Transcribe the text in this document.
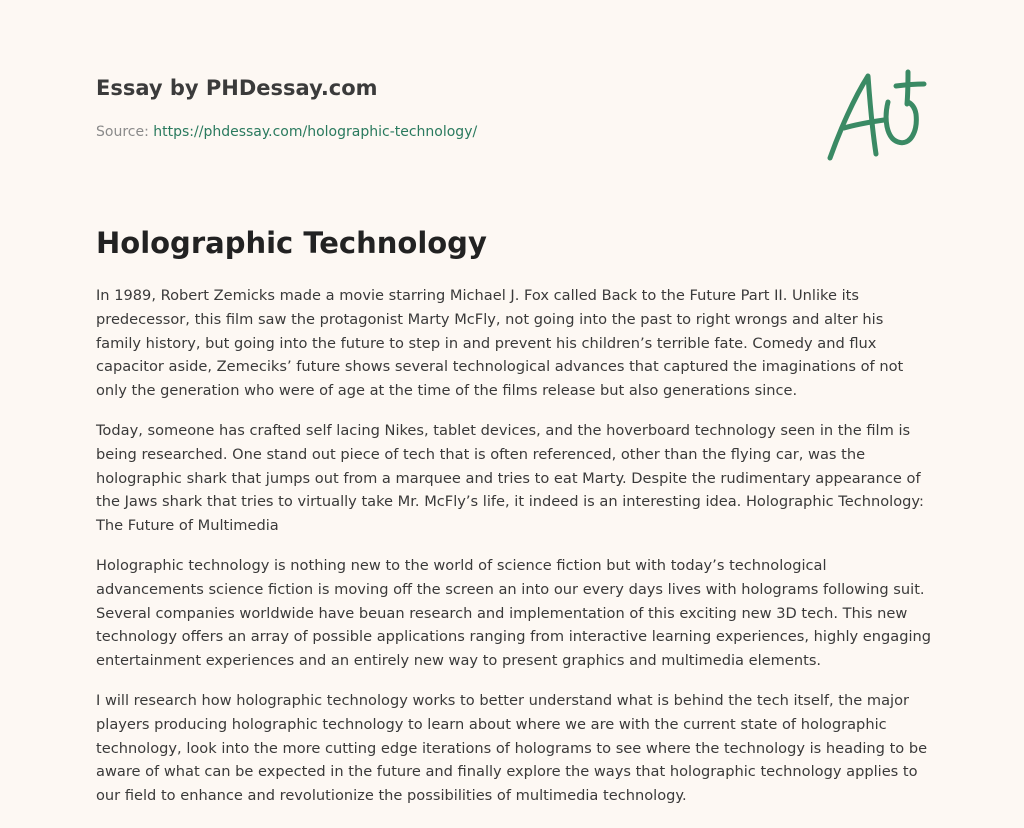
Essay by PHDessay.com
Source: https://phdessay.com/holographic-technology/
Holographic Technology

In 1989, Robert Zemicks made a movie starring Michael J. Fox called Back to the Future Part II. Unlike its predecessor, this film saw the protagonist Marty McFly, not going into the past to right wrongs and alter his family history, but going into the future to step in and prevent his children’s terrible fate. Comedy and flux capacitor aside, Zemeciks’ future shows several technological advances that captured the imaginations of not only the generation who were of age at the time of the films release but also generations since.

Today, someone has crafted self lacing Nikes, tablet devices, and the hoverboard technology seen in the film is being researched. One stand out piece of tech that is often referenced, other than the flying car, was the holographic shark that jumps out from a marquee and tries to eat Marty. Despite the rudimentary appearance of the Jaws shark that tries to virtually take Mr. McFly’s life, it indeed is an interesting idea. Holographic Technology: The Future of Multimedia

Holographic technology is nothing new to the world of science fiction but with today’s technological advancements science fiction is moving off the screen an into our every days lives with holograms following suit. Several companies worldwide have beuan research and implementation of this exciting new 3D tech. This new technology offers an array of possible applications ranging from interactive learning experiences, highly engaging entertainment experiences and an entirely new way to present graphics and multimedia elements.

I will research how holographic technology works to better understand what is behind the tech itself, the major players producing holographic technology to learn about where we are with the current state of holographic technology, look into the more cutting edge iterations of holograms to see where the technology is heading to be aware of what can be expected in the future and finally explore the ways that holographic technology applies to our field to enhance and revolutionize the possibilities of multimedia technology.
